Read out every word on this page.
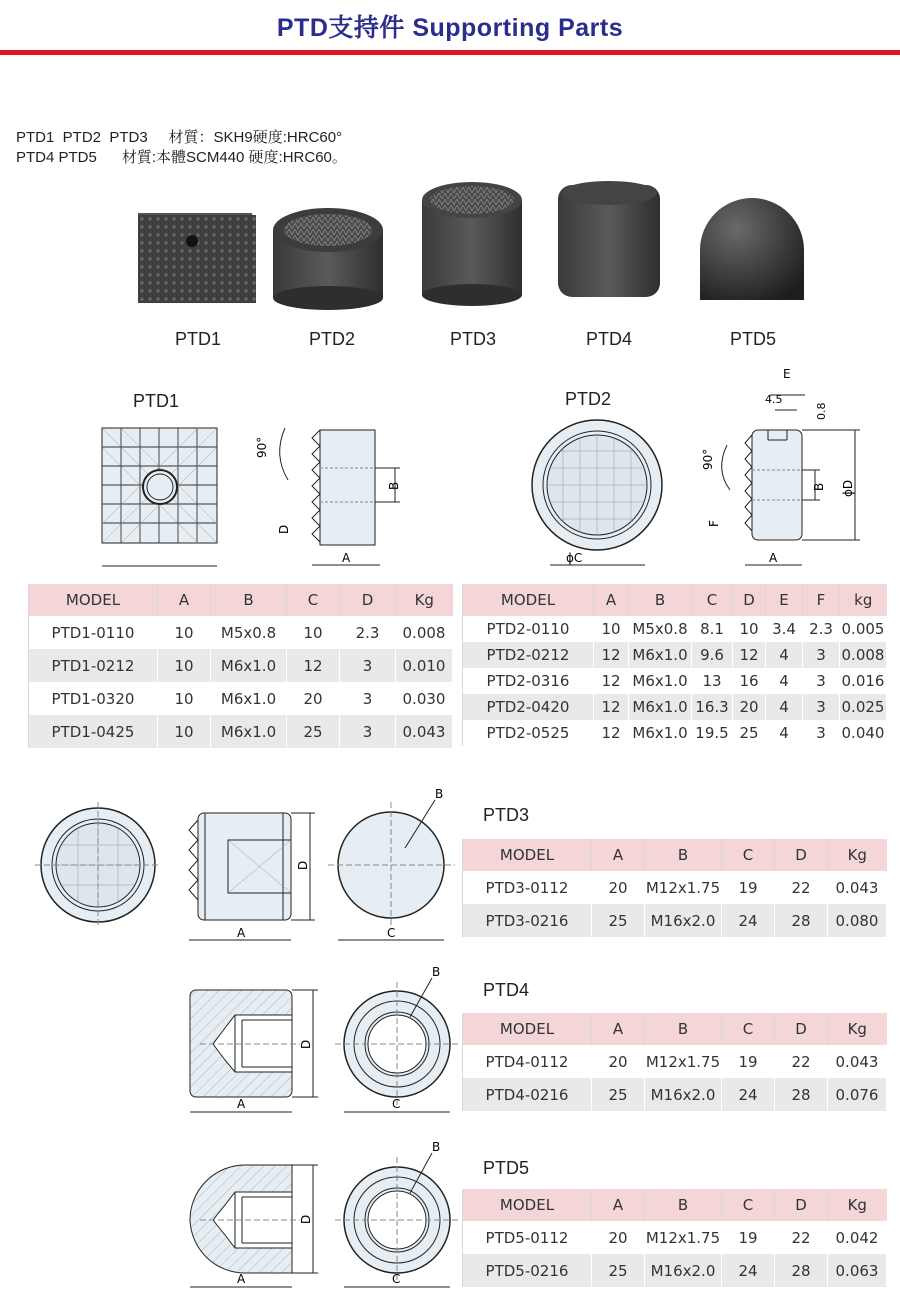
PTD支持件 Supporting Parts
PTD1  PTD2  PTD3     材質：SKH9硬度:HRC60°
PTD4 PTD5      材質:本體SCM440 硬度:HRC60。
PTD1	PTD2	PTD3	PTD4	PTD5
PTD1	PTD2
90°
D
B
A	ϕC
E
4.5
0.8
90°
F
B ϕD
A
MODEL	A	B	C	D	Kg
PTD1-0110	10	M5x0.8	10	2.3	0.008
PTD1-0212	10	M6x1.0	12	3	0.010
PTD1-0320	10	M6x1.0	20	3	0.030
PTD1-0425	10	M6x1.0	25	3	0.043
MODEL	A	B	C	D	E	F	kg
PTD2-0110	10	M5x0.8	8.1	10	3.4	2.3	0.005
PTD2-0212	12	M6x1.0	9.6	12	4	3	0.008
PTD2-0316	12	M6x1.0	13	16	4	3	0.016
PTD2-0420	12	M6x1.0	16.3	20	4	3	0.025
PTD2-0525	12	M6x1.0	19.5	25	4	3	0.040
B
D
A	C
PTD3
MODEL	A	B	C	D	Kg
PTD3-0112	20	M12x1.75	19	22	0.043
PTD3-0216	25	M16x2.0	24	28	0.080
B
D
A	C
PTD4
MODEL	A	B	C	D	Kg
PTD4-0112	20	M12x1.75	19	22	0.043
PTD4-0216	25	M16x2.0	24	28	0.076
B
D
A	C
PTD5
MODEL	A	B	C	D	Kg
PTD5-0112	20	M12x1.75	19	22	0.042
PTD5-0216	25	M16x2.0	24	28	0.063
